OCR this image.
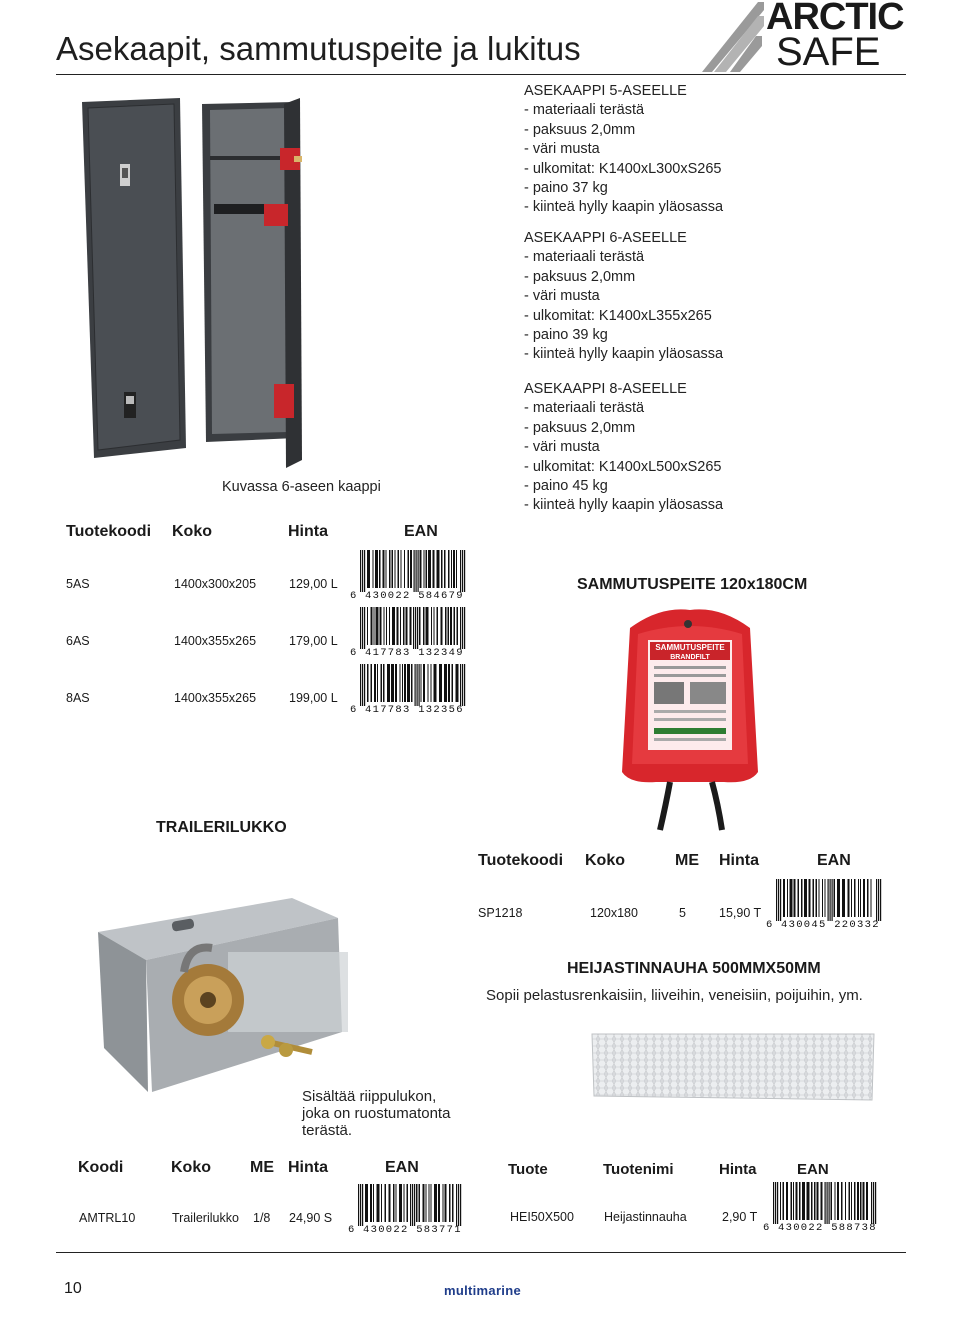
Asekaapit, sammutuspeite ja lukitus
ARCTIC
SAFE
Kuvassa 6-aseen kaappi
ASEKAAPPI 5-ASEELLE
- materiaali terästä
- paksuus 2,0mm
- väri musta
- ulkomitat: K1400xL300xS265
- paino 37 kg
- kiinteä hylly kaapin yläosassa
ASEKAAPPI 6-ASEELLE
- materiaali terästä
- paksuus 2,0mm
- väri musta
- ulkomitat: K1400xL355x265
- paino 39 kg
- kiinteä hylly kaapin yläosassa
ASEKAAPPI 8-ASEELLE
- materiaali terästä
- paksuus 2,0mm
- väri musta
- ulkomitat: K1400xL500xS265
- paino 45 kg
- kiinteä hylly kaapin yläosassa
Tuotekoodi Koko	Hinta	EAN
5AS	1400x300x205	129,00 L
6 430022 584679
6AS	1400x355x265	179,00 L
6 417783 132349
8AS	1400x355x265	199,00 L
6 417783 132356
SAMMUTUSPEITE 120x180CM
SAMMUTUSPEITE
BRANDFILT
TRAILERILUKKO
Sisältää riippulukon,
joka on ruostumatonta
terästä.
Tuotekoodi Koko	ME Hinta	EAN
SP1218	120x180	5	15,90 T
6 430045 220332
HEIJASTINNAUHA 500MMX50MM
Sopii pelastusrenkaisiin, liiveihin, veneisiin, poijuihin, ym.
Koodi	Koko ME Hinta	EAN
AMTRL10	Trailerilukko 1/8 24,90 S
6 430022 583771
Tuote	Tuotenimi	Hinta	EAN
HEI50X500 Heijastinnauha	2,90 T
6 430022 588738
10	multimarine
